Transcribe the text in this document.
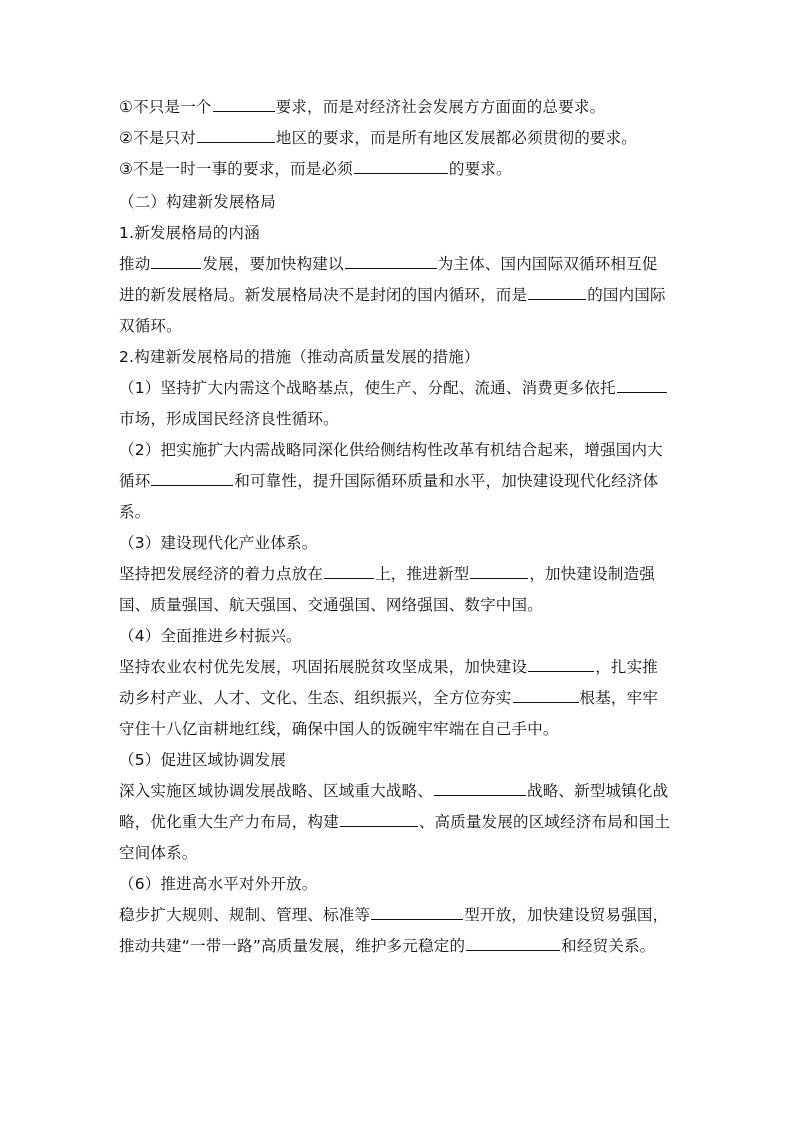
①不只是一个	要求，而是对经济社会发展方方面面的总要求。
②不是只对	地区的要求，而是所有地区发展都必须贯彻的要求。
③不是一时一事的要求，而是必须	的要求。
（二）构建新发展格局
1.新发展格局的内涵
推动	发展，要加快构建以	为主体、国内国际双循环相互促
进的新发展格局。新发展格局决不是封闭的国内循环，而是	的国内国际
双循环。
2.构建新发展格局的措施（推动高质量发展的措施）
（1）坚持扩大内需这个战略基点，使生产、分配、流通、消费更多依托
市场，形成国民经济良性循环。
（2）把实施扩大内需战略同深化供给侧结构性改革有机结合起来，增强国内大
循环	和可靠性，提升国际循环质量和水平，加快建设现代化经济体
系。
（3）建设现代化产业体系。
坚持把发展经济的着力点放在	上，推进新型	，加快建设制造强
国、质量强国、航天强国、交通强国、网络强国、数字中国。
（4）全面推进乡村振兴。
坚持农业农村优先发展，巩固拓展脱贫攻坚成果，加快建设	，扎实推
动乡村产业、人才、文化、生态、组织振兴，全方位夯实	根基，牢牢
守住十八亿亩耕地红线，确保中国人的饭碗牢牢端在自己手中。
（5）促进区域协调发展
深入实施区域协调发展战略、区域重大战略、	战略、新型城镇化战
略，优化重大生产力布局，构建	、高质量发展的区域经济布局和国土
空间体系。
（6）推进高水平对外开放。
稳步扩大规则、规制、管理、标准等	型开放，加快建设贸易强国，
推动共建“一带一路”高质量发展，维护多元稳定的	和经贸关系。
